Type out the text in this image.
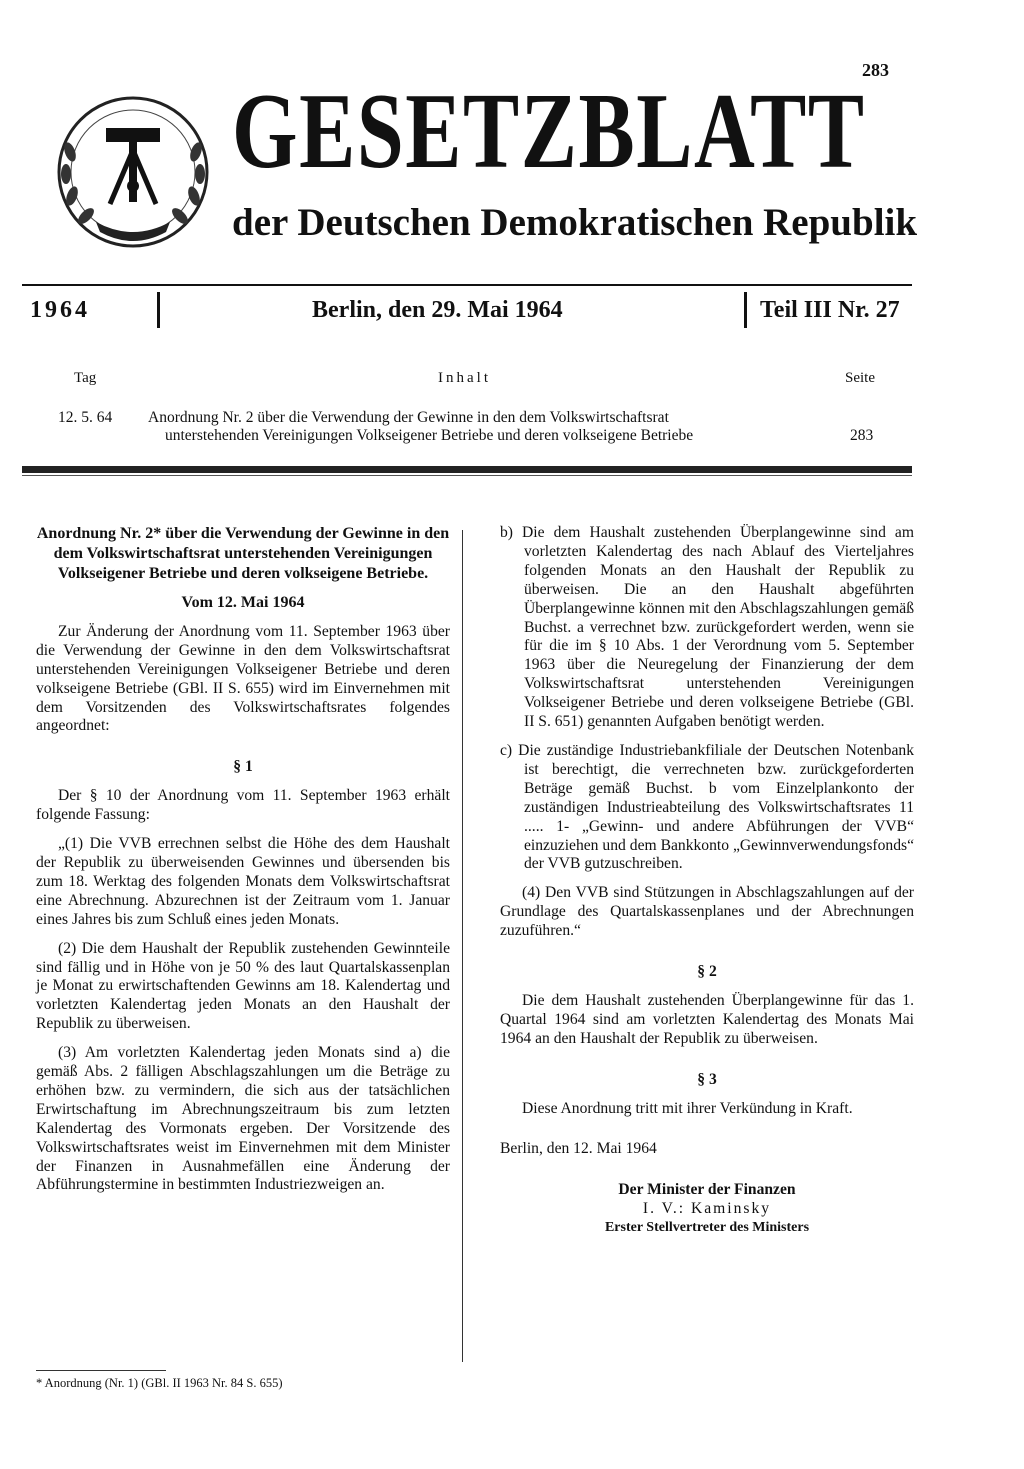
283
GESETZBLATT
der Deutschen Demokratischen Republik
1964	Berlin, den 29. Mai 1964	Teil III Nr. 27
Tag	Inhalt	Seite
12. 5. 64 Anordnung Nr. 2 über die Verwendung der Gewinne in den dem Volkswirtschaftsrat
unterstehenden Vereinigungen Volkseigener Betriebe und deren volkseigene Betriebe	283

Anordnung Nr. 2* über die Verwendung der Gewinne in den dem Volkswirtschaftsrat unterstehenden Vereinigungen Volkseigener Betriebe und deren volkseigene Betriebe.

Vom 12. Mai 1964

Zur Änderung der Anordnung vom 11. September 1963 über die Verwendung der Gewinne in den dem Volkswirtschaftsrat unterstehenden Vereinigungen Volkseigener Betriebe und deren volkseigene Betriebe (GBl. II S. 655) wird im Einvernehmen mit dem Vorsitzenden des Volkswirtschaftsrates folgendes angeordnet:

§ 1

Der § 10 der Anordnung vom 11. September 1963 erhält folgende Fassung:

„(1) Die VVB errechnen selbst die Höhe des dem Haushalt der Republik zu überweisenden Gewinnes und übersenden bis zum 18. Werktag des folgenden Monats dem Volkswirtschaftsrat eine Abrechnung. Abzurechnen ist der Zeitraum vom 1. Januar eines Jahres bis zum Schluß eines jeden Monats.

(2) Die dem Haushalt der Republik zustehenden Gewinnteile sind fällig und in Höhe von je 50 % des laut Quartalskassenplan je Monat zu erwirtschaftenden Gewinns am 18. Kalendertag und vorletzten Kalendertag jeden Monats an den Haushalt der Republik zu überweisen.

(3) Am vorletzten Kalendertag jeden Monats sind a) die gemäß Abs. 2 fälligen Abschlagszahlungen um die Beträge zu erhöhen bzw. zu vermindern, die sich aus der tatsächlichen Erwirtschaftung im Abrechnungszeitraum bis zum letzten Kalendertag des Vormonats ergeben. Der Vorsitzende des Volkswirtschaftsrates weist im Einvernehmen mit dem Minister der Finanzen in Ausnahmefällen eine Änderung der Abführungstermine in bestimmten Industriezweigen an.

* Anordnung (Nr. 1) (GBl. II 1963 Nr. 84 S. 655)

b) Die dem Haushalt zustehenden Überplangewinne sind am vorletzten Kalendertag des nach Ablauf des Vierteljahres folgenden Monats an den Haushalt der Republik zu überweisen. Die an den Haushalt abgeführten Überplangewinne können mit den Abschlagszahlungen gemäß Buchst. a verrechnet bzw. zurückgefordert werden, wenn sie für die im § 10 Abs. 1 der Verordnung vom 5. September 1963 über die Neuregelung der Finanzierung der dem Volkswirtschaftsrat unterstehenden Vereinigungen Volkseigener Betriebe und deren volkseigene Betriebe (GBl. II S. 651) genannten Aufgaben benötigt werden.

c) Die zuständige Industriebankfiliale der Deutschen Notenbank ist berechtigt, die verrechneten bzw. zurückgeforderten Beträge gemäß Buchst. b vom Einzelplankonto der zuständigen Industrieabteilung des Volkswirtschaftsrates 11 ..... 1- „Gewinn- und andere Abführungen der VVB“ einzuziehen und dem Bankkonto „Gewinnverwendungsfonds“ der VVB gutzuschreiben.

(4) Den VVB sind Stützungen in Abschlagszahlungen auf der Grundlage des Quartalskassenplanes und der Abrechnungen zuzuführen.“

§ 2

Die dem Haushalt zustehenden Überplangewinne für das 1. Quartal 1964 sind am vorletzten Kalendertag des Monats Mai 1964 an den Haushalt der Republik zu überweisen.

§ 3

Diese Anordnung tritt mit ihrer Verkündung in Kraft.

Berlin, den 12. Mai 1964

Der Minister der Finanzen

I. V.: Kaminsky

Erster Stellvertreter des Ministers
